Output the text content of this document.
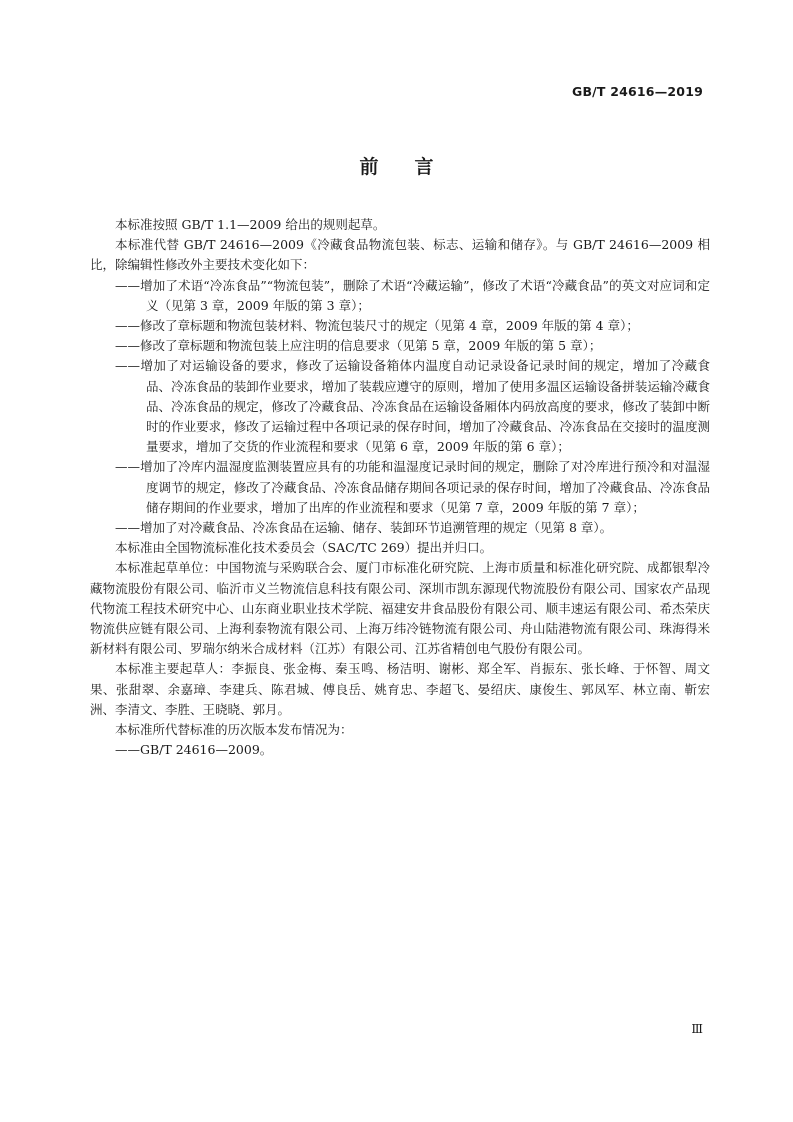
GB/T 24616—2019
前言

本标准按照 GB/T 1.1—2009 给出的规则起草。

本标准代替 GB/T 24616—2009《冷藏食品物流包装、标志、运输和储存》。与 GB/T 24616—2009 相比，除编辑性修改外主要技术变化如下：

——增加了术语“冷冻食品”“物流包装”，删除了术语“冷藏运输”，修改了术语“冷藏食品”的英文对应词和定义（见第 3 章，2009 年版的第 3 章）；

——修改了章标题和物流包装材料、物流包装尺寸的规定（见第 4 章，2009 年版的第 4 章）；

——修改了章标题和物流包装上应注明的信息要求（见第 5 章，2009 年版的第 5 章）；

——增加了对运输设备的要求，修改了运输设备箱体内温度自动记录设备记录时间的规定，增加了冷藏食品、冷冻食品的装卸作业要求，增加了装载应遵守的原则，增加了使用多温区运输设备拼装运输冷藏食品、冷冻食品的规定，修改了冷藏食品、冷冻食品在运输设备厢体内码放高度的要求，修改了装卸中断时的作业要求，修改了运输过程中各项记录的保存时间，增加了冷藏食品、冷冻食品在交接时的温度测量要求，增加了交货的作业流程和要求（见第 6 章，2009 年版的第 6 章）；

——增加了冷库内温湿度监测装置应具有的功能和温湿度记录时间的规定，删除了对冷库进行预冷和对温湿度调节的规定，修改了冷藏食品、冷冻食品储存期间各项记录的保存时间，增加了冷藏食品、冷冻食品储存期间的作业要求，增加了出库的作业流程和要求（见第 7 章，2009 年版的第 7 章）；

——增加了对冷藏食品、冷冻食品在运输、储存、装卸环节追溯管理的规定（见第 8 章）。

本标准由全国物流标准化技术委员会（SAC/TC 269）提出并归口。

本标准起草单位：中国物流与采购联合会、厦门市标准化研究院、上海市质量和标准化研究院、成都银犁冷藏物流股份有限公司、临沂市义兰物流信息科技有限公司、深圳市凯东源现代物流股份有限公司、国家农产品现代物流工程技术研究中心、山东商业职业技术学院、福建安井食品股份有限公司、顺丰速运有限公司、希杰荣庆物流供应链有限公司、上海利泰物流有限公司、上海万纬冷链物流有限公司、舟山陆港物流有限公司、珠海得米新材料有限公司、罗瑞尔纳米合成材料（江苏）有限公司、江苏省精创电气股份有限公司。

本标准主要起草人：李振良、张金梅、秦玉鸣、杨洁明、谢彬、郑全军、肖振东、张长峰、于怀智、周文果、张甜翠、余嘉璋、李建兵、陈君城、傅良岳、姚育忠、李超飞、晏绍庆、康俊生、郭凤军、林立南、靳宏洲、李清文、李胜、王晓晓、郭月。

本标准所代替标准的历次版本发布情况为：

——GB/T 24616—2009。

Ⅲ
